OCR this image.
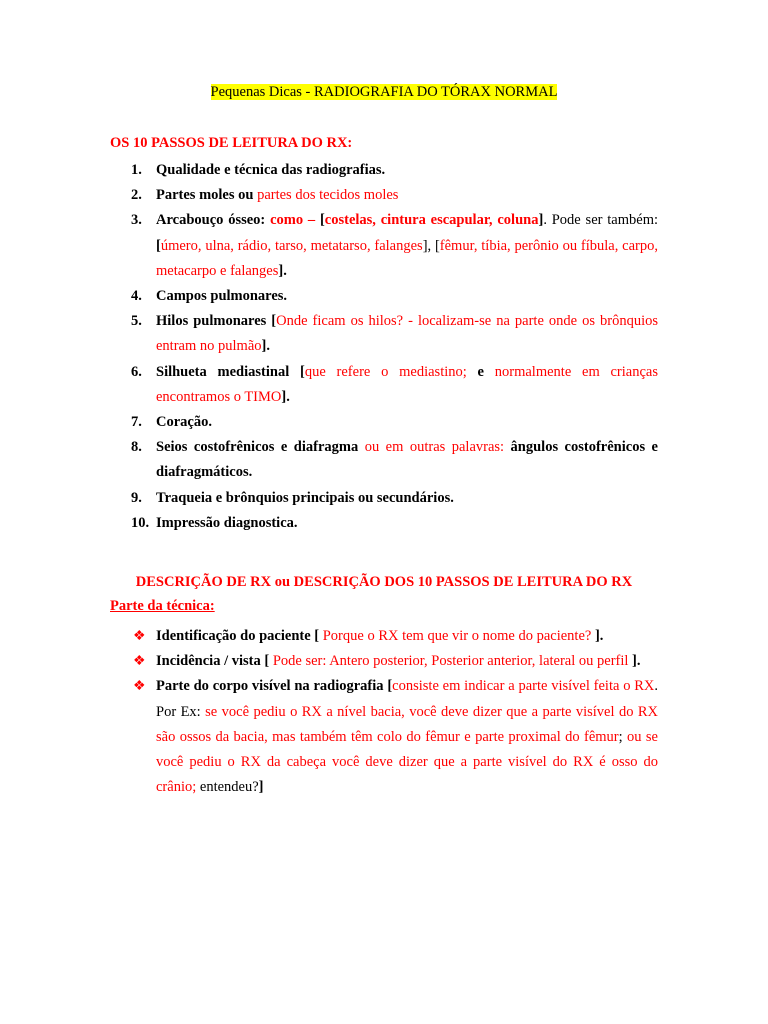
Pequenas Dicas - RADIOGRAFIA DO TÓRAX NORMAL
OS 10 PASSOS DE LEITURA DO RX:
1. Qualidade e técnica das radiografias.
2. Partes moles ou partes dos tecidos moles
3. Arcabouço ósseo: como – [costelas, cintura escapular, coluna]. Pode ser também: [úmero, ulna, rádio, tarso, metatarso, falanges], [fêmur, tíbia, perônio ou fíbula, carpo, metacarpo e falanges].
4. Campos pulmonares.
5. Hilos pulmonares [Onde ficam os hilos? - localizam-se na parte onde os brônquios entram no pulmão].
6. Silhueta mediastinal [que refere o mediastino; e normalmente em crianças encontramos o TIMO].
7. Coração.
8. Seios costofrênicos e diafragma ou em outras palavras: ângulos costofrênicos e diafragmáticos.
9. Traqueia e brônquios principais ou secundários.
10. Impressão diagnostica.
DESCRIÇÃO DE RX ou DESCRIÇÃO DOS 10 PASSOS DE LEITURA DO RX
Parte da técnica:
❖ Identificação do paciente [ Porque o RX tem que vir o nome do paciente? ].
❖ Incidência / vista [ Pode ser: Antero posterior, Posterior anterior, lateral ou perfil ].
❖ Parte do corpo visível na radiografia [consiste em indicar a parte visível feita o RX. Por Ex: se você pediu o RX a nível bacia, você deve dizer que a parte visível do RX são ossos da bacia, mas também têm colo do fêmur e parte proximal do fêmur; ou se você pediu o RX da cabeça você deve dizer que a parte visível do RX é osso do crânio; entendeu?]
